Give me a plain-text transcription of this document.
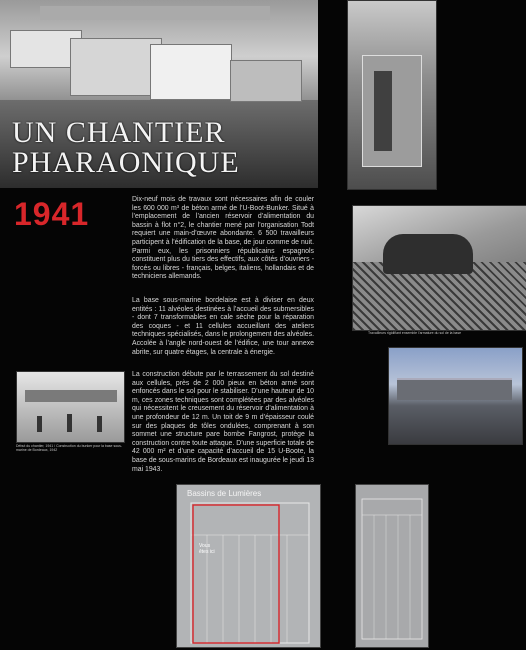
UN CHANTIER
PHARAONIQUE
1941	Dix-neuf mois de travaux sont nécessaires afin de couler les 600 000 m³ de béton armé de l’U-Boot-Bunker. Situé à l’emplacement de l’ancien réservoir d’alimentation du bassin à flot n°2, le chantier mené par l’organisation Todt requiert une main-d’œuvre abondante. 6 500 travailleurs participent à l’édification de la base, de jour comme de nuit. Parmi eux, les prisonniers républicains espagnols constituent plus du tiers des effectifs, aux côtés d’ouvriers - forcés ou libres - français, belges, italiens, hollandais et de techniciens allemands.

La base sous-marine bordelaise est à diviser en deux entités : 11 alvéoles destinées à l’accueil des submersibles - dont 7 transformables en cale sèche pour la réparation des coques - et 11 cellules accueillant des ateliers techniques spécialisés, dans le prolongement des alvéoles. Accolée à l’angle nord-ouest de l’édifice, une tour annexe abrite, sur quatre étages, la centrale à énergie.

La construction débute par le terrassement du sol destiné aux cellules, près de 2 000 pieux en béton armé sont enfoncés dans le sol pour le stabiliser. D’une hauteur de 10 m, ces zones techniques sont complétées par des alvéoles qui nécessitent le creusement du réservoir d’alimentation à une profondeur de 12 m. Un toit de 9 m d’épaisseur coulé sur des plaques de tôles ondulées, comprenant à son sommet une structure pare bombe Fangrost, protège la construction contre toute attaque. D’une superficie totale de 42 000 m² et d’une capacité d’accueil de 15 U-Boote, la base de sous-marins de Bordeaux est inaugurée le jeudi 13 mai 1943.

Travailleurs rigidifiant ensemble l’armature du sol de la base
Début du chantier, 1941 / Construction du bunker pour la base sous-marine de Bordeaux, 1942
Bassins de Lumières
Vous êtes ici
